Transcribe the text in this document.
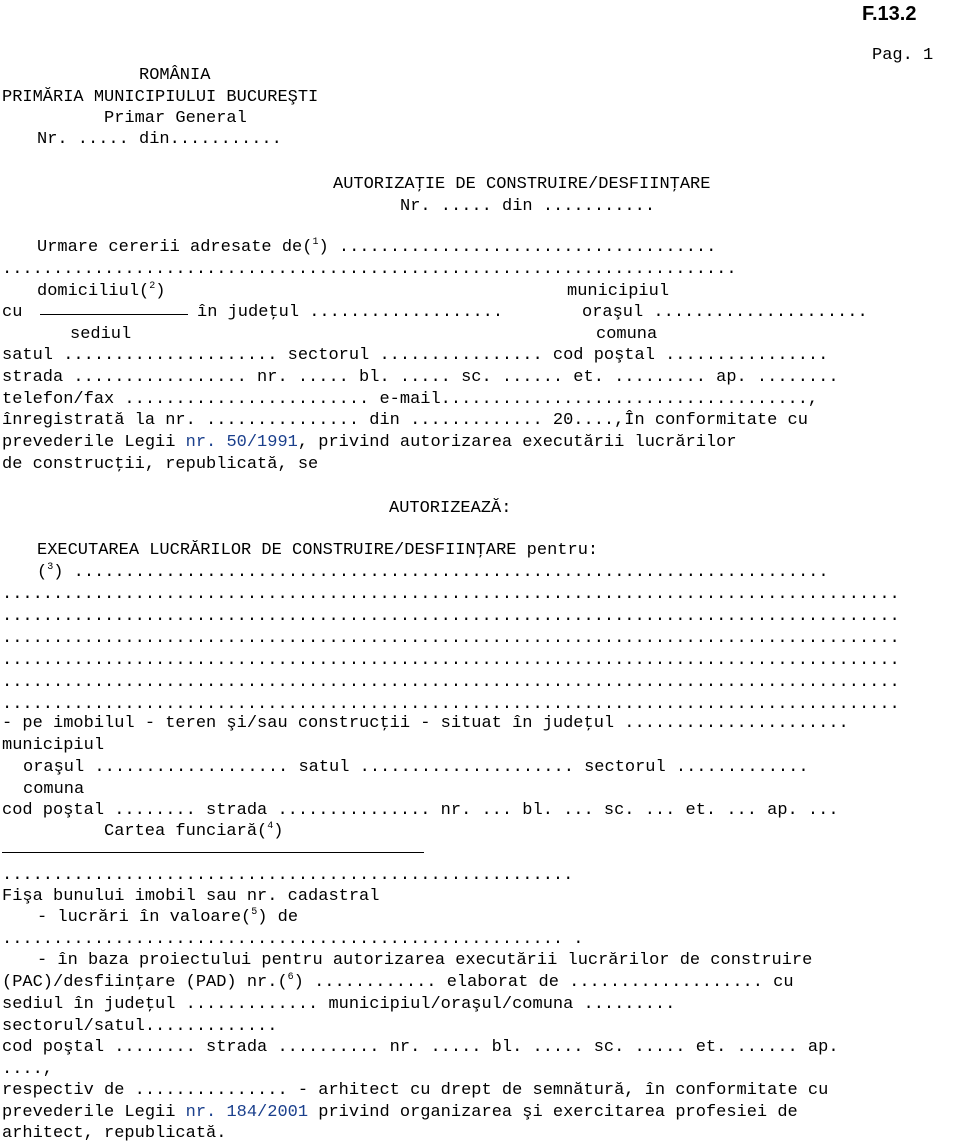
F.13.2
Pag. 1
ROMÂNIA
PRIMĂRIA MUNICIPIULUI BUCUREŞTI
Primar General
Nr. ..... din...........
AUTORIZAŢIE DE CONSTRUIRE/DESFIINŢARE
Nr. ..... din ...........
Urmare cererii adresate de($^1$) .....................................
........................................................................
domiciliul($^2$)	municipiul
cu	în judeţul ...................	oraşul .....................
sediul	comuna
satul ..................... sectorul ................ cod poştal ................
strada ................. nr. ..... bl. ..... sc. ...... et. ......... ap. ........
telefon/fax ........................ e-mail....................................,
înregistrată la nr. ............... din ............. 20....,În conformitate cu
prevederile Legii nr. 50/1991, privind autorizarea executării lucrărilor
de construcţii, republicată, se
AUTORIZEAZĂ:
EXECUTAREA LUCRĂRILOR DE CONSTRUIRE/DESFIINŢARE pentru:
($^3$) ..........................................................................
........................................................................................
........................................................................................
........................................................................................
........................................................................................
........................................................................................
........................................................................................
- pe imobilul - teren şi/sau construcţii - situat în judeţul ......................
municipiul
oraşul ................... satul ..................... sectorul .............
comuna
cod poştal ........ strada ............... nr. ... bl. ... sc. ... et. ... ap. ...
Cartea funciară($^4$)
........................................................
Fişa bunului imobil sau nr. cadastral
- lucrări în valoare($^5$) de
....................................................... .
- în baza proiectului pentru autorizarea executării lucrărilor de construire
(PAC)/desfiinţare (PAD) nr.($^6$) ............ elaborat de ................... cu
sediul în judeţul ............. municipiul/oraşul/comuna .........
sectorul/satul.............
cod poştal ........ strada .......... nr. ..... bl. ..... sc. ..... et. ...... ap.
....,
respectiv de ............... - arhitect cu drept de semnătură, în conformitate cu
prevederile Legii nr. 184/2001 privind organizarea şi exercitarea profesiei de
arhitect, republicată.
